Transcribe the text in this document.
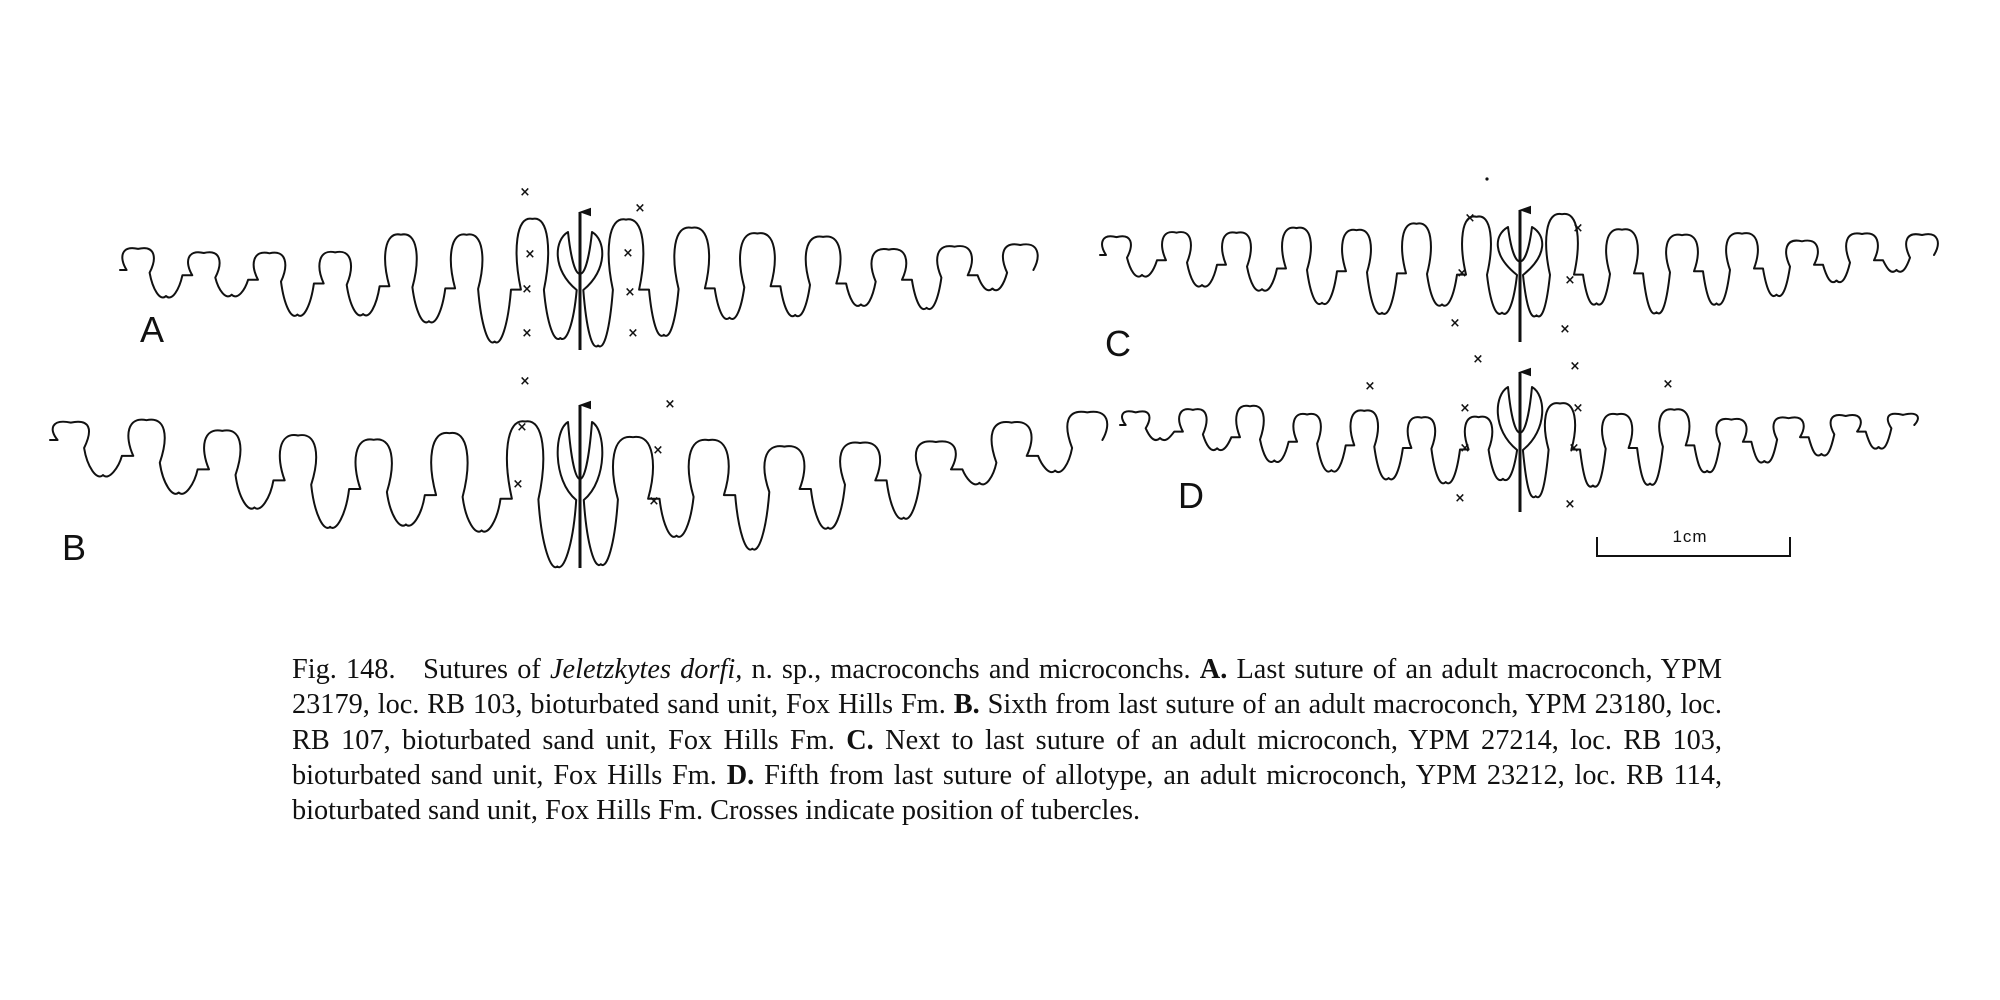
×
×
×
×
×
×
×
×
A
×
×
×
×
×
×
B
×
×
×
×
×
×
C	×
×
×
×
×
×
×
×
×	×
D
1cm
Fig. 148. Sutures of Jeletzkytes dorfi, n. sp., macroconchs and microconchs. A. Last suture of an adult macroconch, YPM 23179, loc. RB 103, bioturbated sand unit, Fox Hills Fm. B. Sixth from last suture of an adult macroconch, YPM 23180, loc. RB 107, bioturbated sand unit, Fox Hills Fm. C. Next to last suture of an adult microconch, YPM 27214, loc. RB 103, bioturbated sand unit, Fox Hills Fm. D. Fifth from last suture of allotype, an adult microconch, YPM 23212, loc. RB 114, bioturbated sand unit, Fox Hills Fm. Crosses indicate position of tubercles.
